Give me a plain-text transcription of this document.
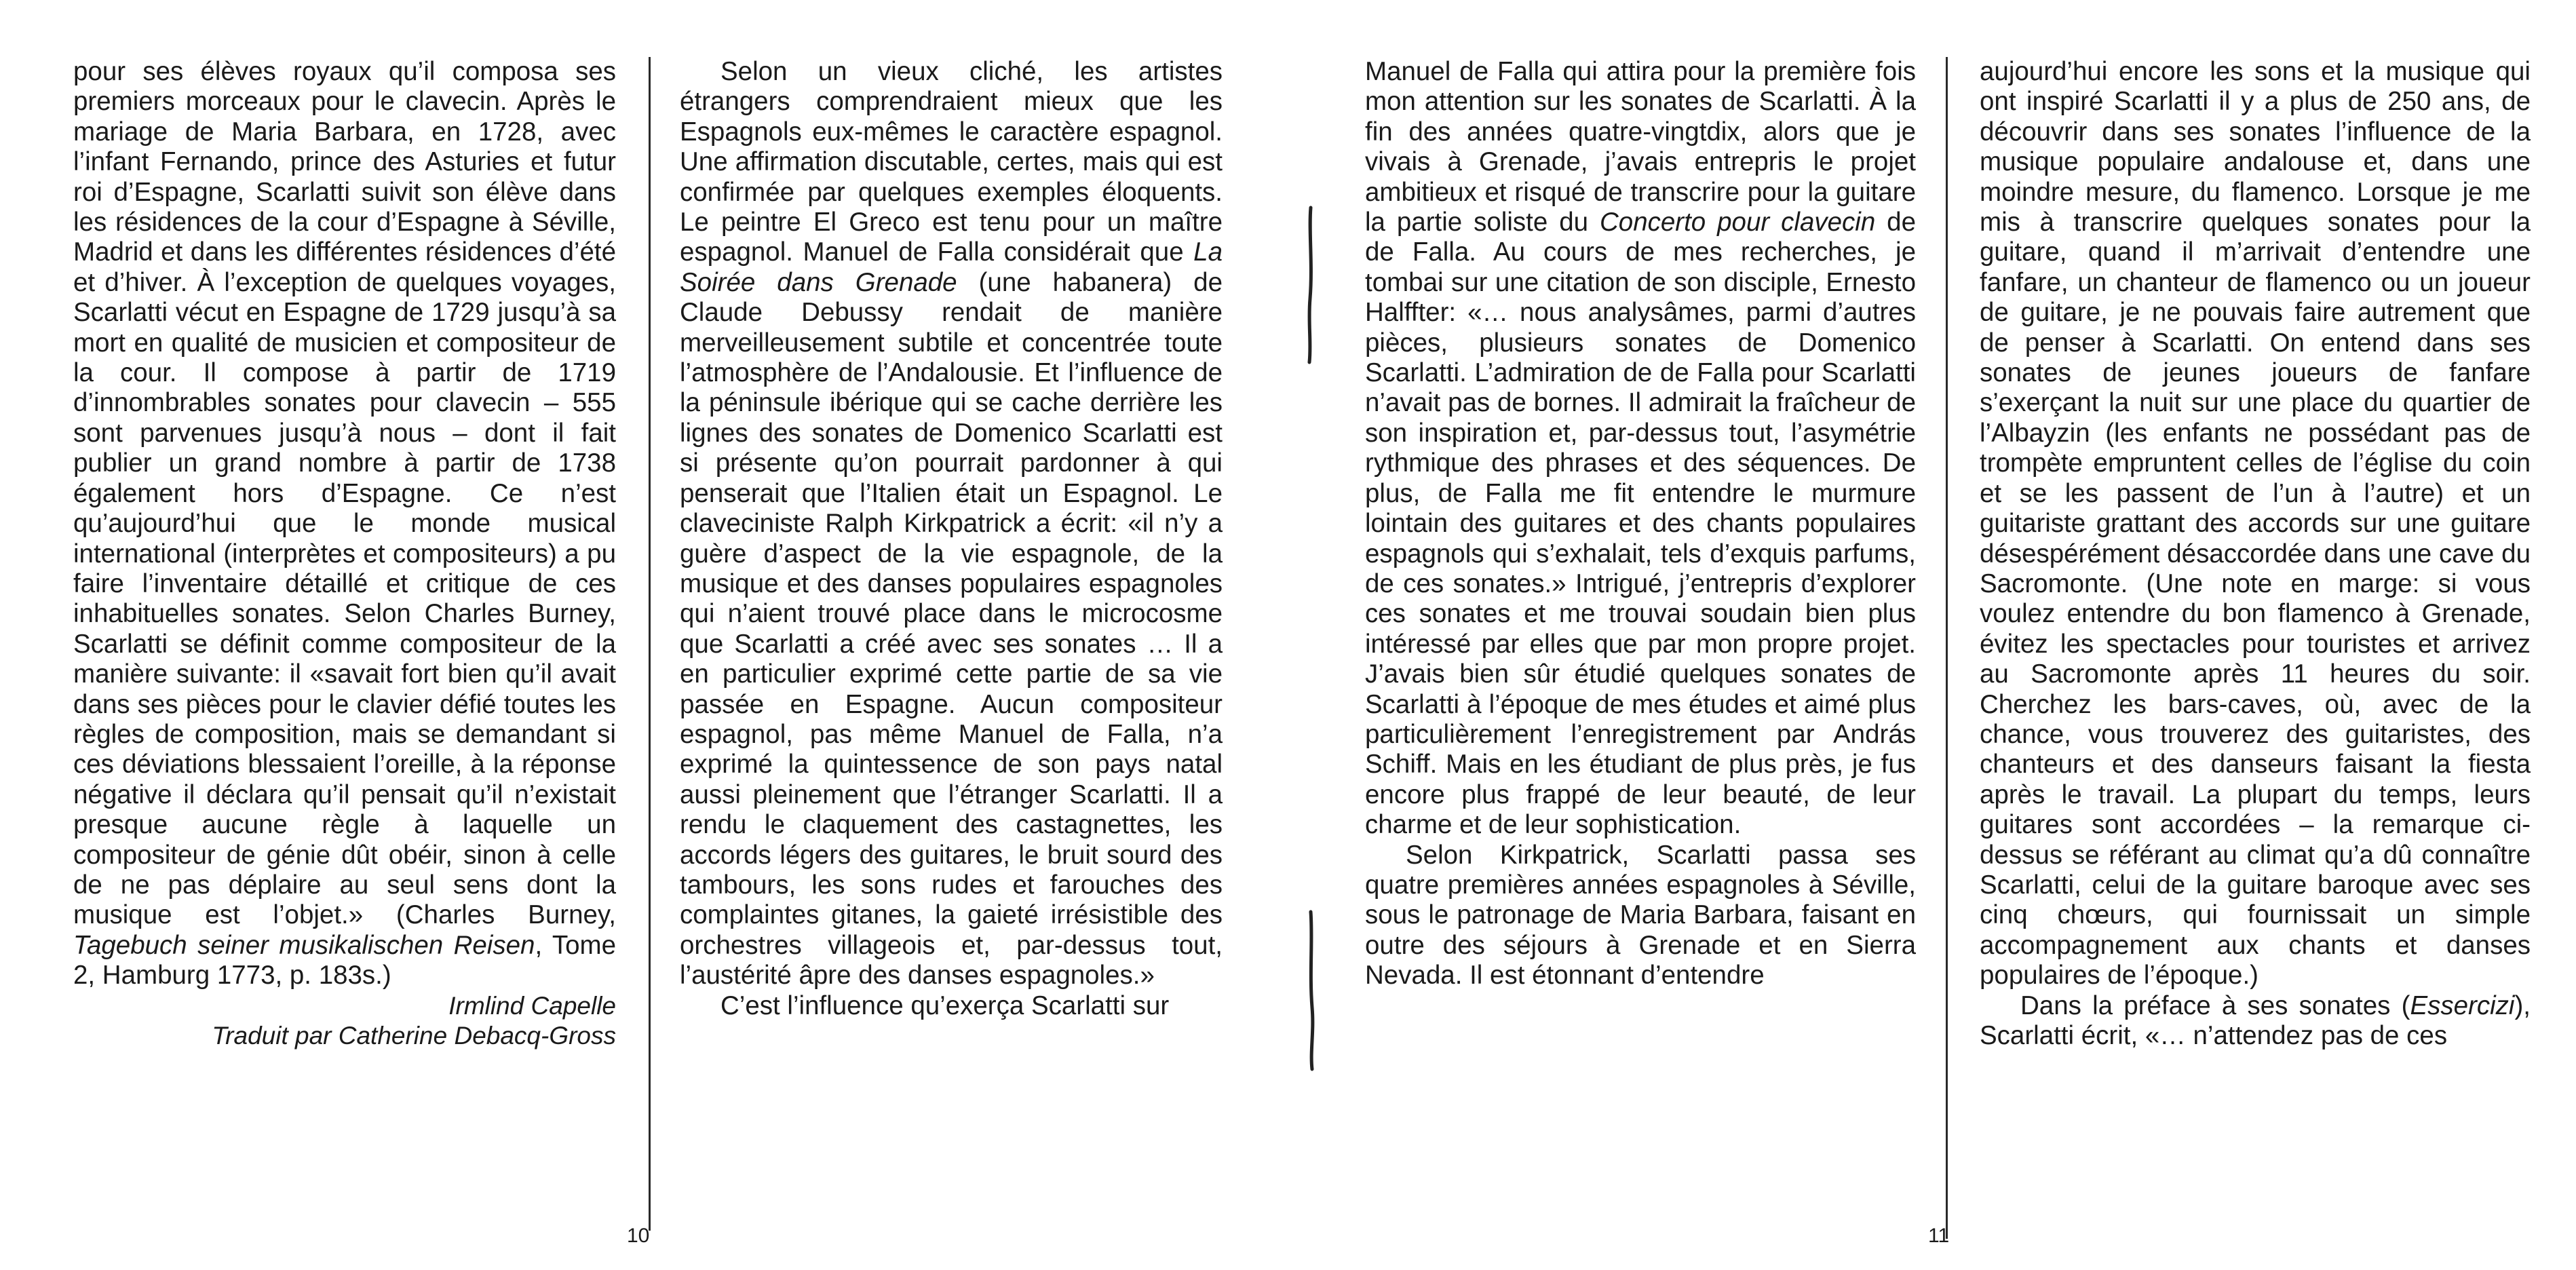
pour ses élèves royaux qu’il composa ses premiers morceaux pour le clavecin. Après le mariage de Maria Barbara, en 1728, avec l’infant Fernando, prince des Asturies et futur roi d’Espagne, Scarlatti suivit son élève dans les résidences de la cour d’Espagne à Séville, Madrid et dans les différentes résidences d’été et d’hiver. À l’exception de quelques voyages, Scarlatti vécut en Espagne de 1729 jusqu’à sa mort en qualité de musicien et compositeur de la cour. Il compose à partir de 1719 d’innombrables sonates pour clavecin – 555 sont parvenues jusqu’à nous – dont il fait publier un grand nombre à partir de 1738 également hors d’Espagne. Ce n’est qu’aujourd’hui que le monde musical international (interprètes et compositeurs) a pu faire l’inventaire détaillé et critique de ces inhabituelles sonates. Selon Charles Burney, Scarlatti se définit comme compositeur de la manière suivante: il «savait fort bien qu’il avait dans ses pièces pour le clavier défié toutes les règles de composition, mais se demandant si ces déviations blessaient l’oreille, à la réponse négative il déclara qu’il pensait qu’il n’existait presque aucune règle à laquelle un compositeur de génie dût obéir, sinon à celle de ne pas déplaire au seul sens dont la musique est l’objet.» (Charles Burney, Tagebuch seiner musikalischen Reisen, Tome 2, Hamburg 1773, p. 183s.)

Irmlind Capelle

Traduit par Catherine Debacq-Gross

Selon un vieux cliché, les artistes étrangers comprendraient mieux que les Espagnols eux-mêmes le caractère espagnol. Une affirmation discutable, certes, mais qui est confirmée par quelques exemples éloquents. Le peintre El Greco est tenu pour un maître espagnol. Manuel de Falla considérait que La Soirée dans Grenade (une habanera) de Claude Debussy rendait de manière merveilleusement subtile et concentrée toute l’atmosphère de l’Andalousie. Et l’influence de la péninsule ibérique qui se cache derrière les lignes des sonates de Domenico Scarlatti est si présente qu’on pourrait pardonner à qui penserait que l’Italien était un Espagnol. Le claveciniste Ralph Kirkpatrick a écrit: «il n’y a guère d’aspect de la vie espagnole, de la musique et des danses populaires espagnoles qui n’aient trouvé place dans le microcosme que Scarlatti a créé avec ses sonates … Il a en particulier exprimé cette partie de sa vie passée en Espagne. Aucun compositeur espagnol, pas même Manuel de Falla, n’a exprimé la quintessence de son pays natal aussi pleinement que l’étranger Scarlatti. Il a rendu le claquement des castagnettes, les accords légers des guitares, le bruit sourd des tambours, les sons rudes et farouches des complaintes gitanes, la gaieté irrésistible des orchestres villageois et, par-dessus tout, l’austérité âpre des danses espagnoles.»

C’est l’influence qu’exerça Scarlatti sur

10

Manuel de Falla qui attira pour la première fois mon attention sur les sonates de Scarlatti. À la fin des années quatre-vingtdix, alors que je vivais à Grenade, j’avais entrepris le projet ambitieux et risqué de transcrire pour la guitare la partie soliste du Concerto pour clavecin de de Falla. Au cours de mes recherches, je tombai sur une citation de son disciple, Ernesto Halffter: «… nous analysâmes, parmi d’autres pièces, plusieurs sonates de Domenico Scarlatti. L’admiration de de Falla pour Scarlatti n’avait pas de bornes. Il admirait la fraîcheur de son inspiration et, par-dessus tout, l’asymétrie rythmique des phrases et des séquences. De plus, de Falla me fit entendre le murmure lointain des guitares et des chants populaires espagnols qui s’exhalait, tels d’exquis parfums, de ces sonates.» Intrigué, j’entrepris d’explorer ces sonates et me trouvai soudain bien plus intéressé par elles que par mon propre projet. J’avais bien sûr étudié quelques sonates de Scarlatti à l’époque de mes études et aimé plus particulièrement l’enregistrement par András Schiff. Mais en les étudiant de plus près, je fus encore plus frappé de leur beauté, de leur charme et de leur sophistication.

Selon Kirkpatrick, Scarlatti passa ses quatre premières années espagnoles à Séville, sous le patronage de Maria Barbara, faisant en outre des séjours à Grenade et en Sierra Nevada. Il est étonnant d’entendre

aujourd’hui encore les sons et la musique qui ont inspiré Scarlatti il y a plus de 250 ans, de découvrir dans ses sonates l’influence de la musique populaire andalouse et, dans une moindre mesure, du flamenco. Lorsque je me mis à transcrire quelques sonates pour la guitare, quand il m’arrivait d’entendre une fanfare, un chanteur de flamenco ou un joueur de guitare, je ne pouvais faire autrement que de penser à Scarlatti. On entend dans ses sonates de jeunes joueurs de fanfare s’exerçant la nuit sur une place du quartier de l’Albayzin (les enfants ne possédant pas de trompète empruntent celles de l’église du coin et se les passent de l’un à l’autre) et un guitariste grattant des accords sur une guitare désespérément désaccordée dans une cave du Sacromonte. (Une note en marge: si vous voulez entendre du bon flamenco à Grenade, évitez les spectacles pour touristes et arrivez au Sacromonte après 11 heures du soir. Cherchez les bars-caves, où, avec de la chance, vous trouverez des guitaristes, des chanteurs et des danseurs faisant la fiesta après le travail. La plupart du temps, leurs guitares sont accordées – la remarque ci-dessus se référant au climat qu’a dû connaître Scarlatti, celui de la guitare baroque avec ses cinq chœurs, qui fournissait un simple accompagnement aux chants et danses populaires de l’époque.)

Dans la préface à ses sonates (Essercizi), Scarlatti écrit, «… n’attendez pas de ces

11
